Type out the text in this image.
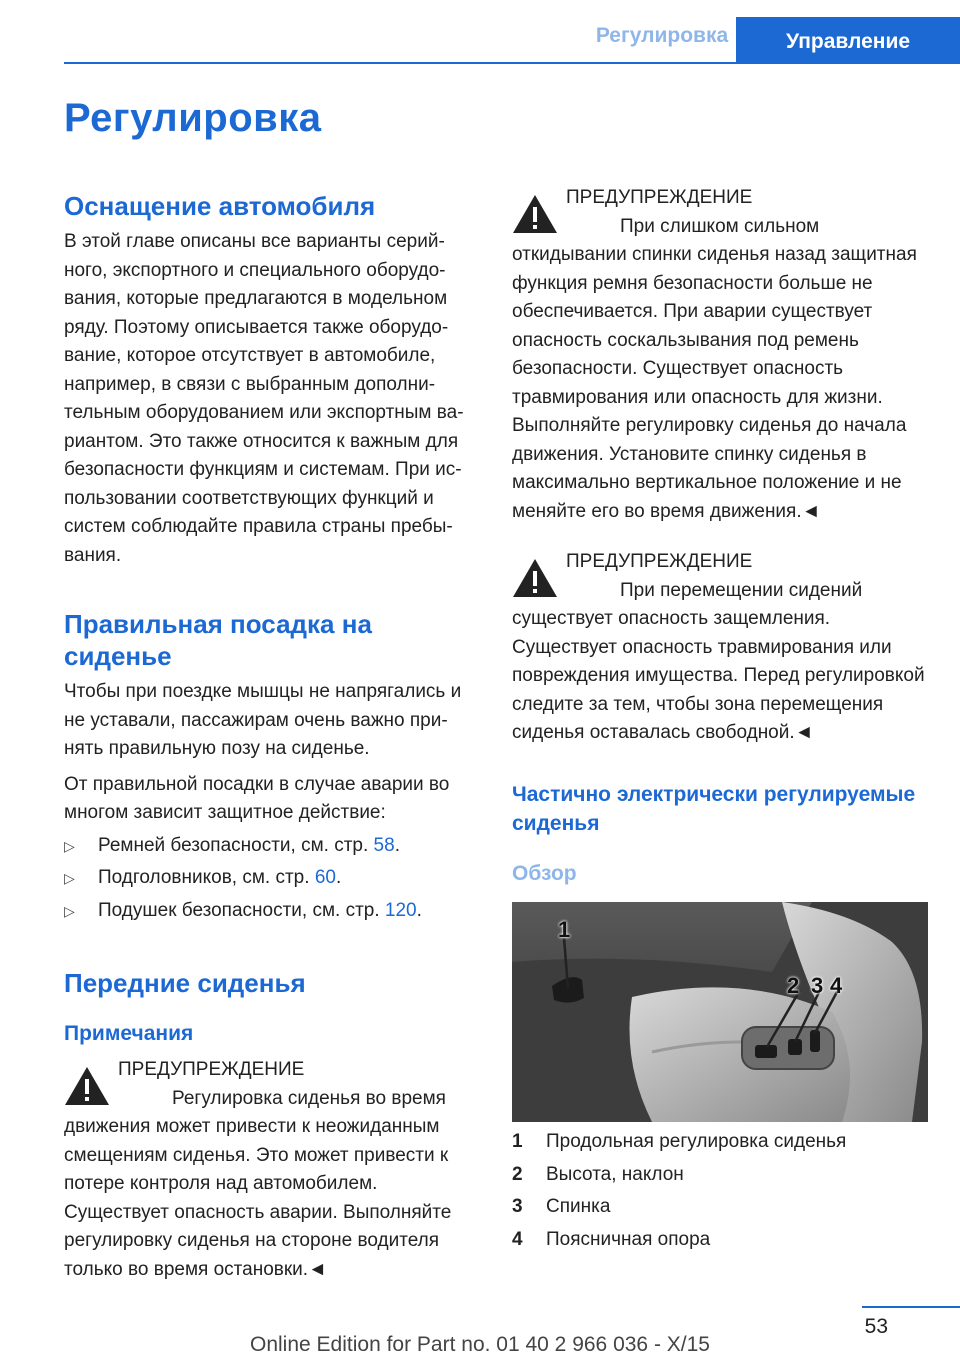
Регулировка	Управление
Регулировка
Оснащение автомобиля

В этой главе описаны все варианты серийного, экспортного и специального оборудования, которые предлагаются в модельном ряду. Поэтому описывается также оборудование, которое отсутствует в автомобиле, например, в связи с выбранным дополнительным оборудованием или экспортным вариантом. Это также относится к важным для безопасности функциям и системам. При использовании соответствующих функций и систем соблюдайте правила страны пребывания.

Правильная посадка на сиденье

Чтобы при поездке мышцы не напрягались и не уставали, пассажирам очень важно принять правильную позу на сиденье.

От правильной посадки в случае аварии во многом зависит защитное действие:

▷	Ремней безопасности, см. стр. 58.
▷	Подголовников, см. стр. 60.
▷	Подушек безопасности, см. стр. 120.
Передние сиденья
Примечания
ПРЕДУПРЕЖДЕНИЕ

Регулировка сиденья во время движения может привести к неожиданным смещениям сиденья. Это может привести к потере контроля над автомобилем. Существует опасность аварии. Выполняйте регулировку сиденья на стороне водителя только во время остановки.◄

ПРЕДУПРЕЖДЕНИЕ

При слишком сильном откидывании спинки сиденья назад защитная функция ремня безопасности больше не обеспечивается. При аварии существует опасность соскальзывания под ремень безопасности. Существует опасность травмирования или опасность для жизни. Выполняйте регулировку сиденья до начала движения. Установите спинку сиденья в максимально вертикальное положение и не меняйте его во время движения.◄

ПРЕДУПРЕЖДЕНИЕ

При перемещении сидений существует опасность защемления. Существует опасность травмирования или повреждения имущества. Перед регулировкой следите за тем, чтобы зона перемещения сиденья оставалась свободной.◄

Частично электрически регулируемые сиденья
Обзор
1
2 3 4
1	Продольная регулировка сиденья
2	Высота, наклон
3	Спинка
4	Поясничная опора
53
Online Edition for Part no. 01 40 2 966 036 - X/15
